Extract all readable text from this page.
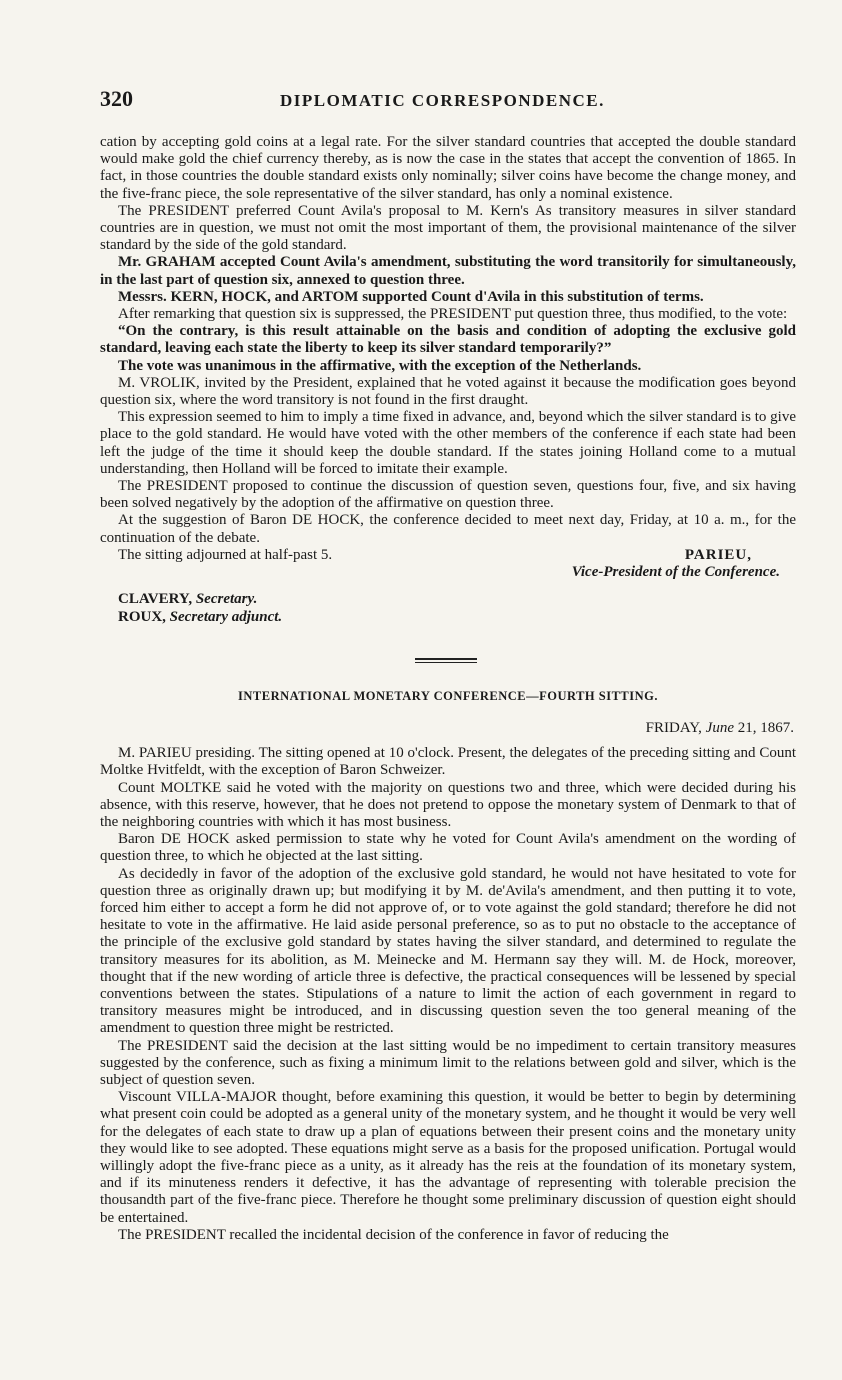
320	DIPLOMATIC CORRESPONDENCE.

cation by accepting gold coins at a legal rate. For the silver standard countries that accepted the double standard would make gold the chief currency thereby, as is now the case in the states that accept the convention of 1865. In fact, in those countries the double standard exists only nominally; silver coins have become the change money, and the five-franc piece, the sole representative of the silver standard, has only a nominal existence.

The PRESIDENT preferred Count Avila's proposal to M. Kern's As transitory measures in silver standard countries are in question, we must not omit the most important of them, the provisional maintenance of the silver standard by the side of the gold standard.

Mr. GRAHAM accepted Count Avila's amendment, substituting the word transitorily for simultaneously, in the last part of question six, annexed to question three.

Messrs. KERN, HOCK, and ARTOM supported Count d'Avila in this substitution of terms.

After remarking that question six is suppressed, the PRESIDENT put question three, thus modified, to the vote:

“On the contrary, is this result attainable on the basis and condition of adopting the exclusive gold standard, leaving each state the liberty to keep its silver standard temporarily?”

The vote was unanimous in the affirmative, with the exception of the Netherlands.

M. VROLIK, invited by the President, explained that he voted against it because the modification goes beyond question six, where the word transitory is not found in the first draught.

This expression seemed to him to imply a time fixed in advance, and, beyond which the silver standard is to give place to the gold standard. He would have voted with the other members of the conference if each state had been left the judge of the time it should keep the double standard. If the states joining Holland come to a mutual understanding, then Holland will be forced to imitate their example.

The PRESIDENT proposed to continue the discussion of question seven, questions four, five, and six having been solved negatively by the adoption of the affirmative on question three.

At the suggestion of Baron DE HOCK, the conference decided to meet next day, Friday, at 10 a. m., for the continuation of the debate.

The sitting adjourned at half-past 5.	PARIEU,
Vice-President of the Conference.
CLAVERY, Secretary.
ROUX, Secretary adjunct.
INTERNATIONAL MONETARY CONFERENCE—FOURTH SITTING.
FRIDAY, June 21, 1867.

M. PARIEU presiding. The sitting opened at 10 o'clock. Present, the delegates of the preceding sitting and Count Moltke Hvitfeldt, with the exception of Baron Schweizer.

Count MOLTKE said he voted with the majority on questions two and three, which were decided during his absence, with this reserve, however, that he does not pretend to oppose the monetary system of Denmark to that of the neighboring countries with which it has most business.

Baron DE HOCK asked permission to state why he voted for Count Avila's amendment on the wording of question three, to which he objected at the last sitting.

As decidedly in favor of the adoption of the exclusive gold standard, he would not have hesitated to vote for question three as originally drawn up; but modifying it by M. de'Avila's amendment, and then putting it to vote, forced him either to accept a form he did not approve of, or to vote against the gold standard; therefore he did not hesitate to vote in the affirmative. He laid aside personal preference, so as to put no obstacle to the acceptance of the principle of the exclusive gold standard by states having the silver standard, and determined to regulate the transitory measures for its abolition, as M. Meinecke and M. Hermann say they will. M. de Hock, moreover, thought that if the new wording of article three is defective, the practical consequences will be lessened by special conventions between the states. Stipulations of a nature to limit the action of each government in regard to transitory measures might be introduced, and in discussing question seven the too general meaning of the amendment to question three might be restricted.

The PRESIDENT said the decision at the last sitting would be no impediment to certain transitory measures suggested by the conference, such as fixing a minimum limit to the relations between gold and silver, which is the subject of question seven.

Viscount VILLA-MAJOR thought, before examining this question, it would be better to begin by determining what present coin could be adopted as a general unity of the monetary system, and he thought it would be very well for the delegates of each state to draw up a plan of equations between their present coins and the monetary unity they would like to see adopted. These equations might serve as a basis for the proposed unification. Portugal would willingly adopt the five-franc piece as a unity, as it already has the reis at the foundation of its monetary system, and if its minuteness renders it defective, it has the advantage of representing with tolerable precision the thousandth part of the five-franc piece. Therefore he thought some preliminary discussion of question eight should be entertained.

The PRESIDENT recalled the incidental decision of the conference in favor of reducing the
